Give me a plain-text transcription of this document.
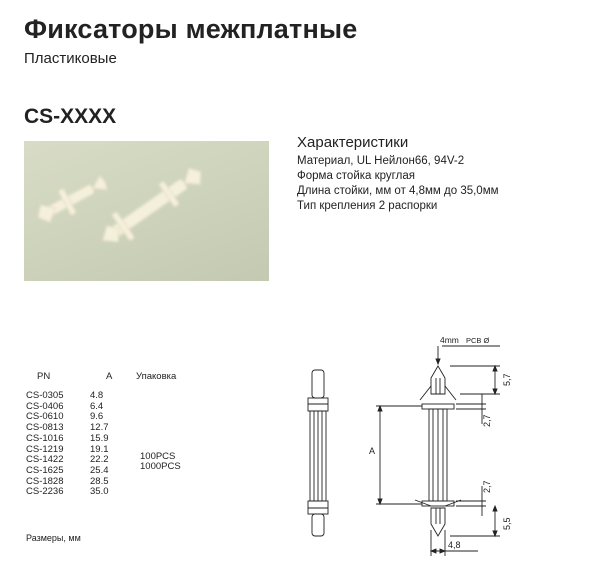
Фиксаторы межплатные
Пластиковые
CS-XXXX
Характеристики
Материал, UL Нейлон66, 94V-2
Форма стойка круглая
Длина стойки, мм от 4,8мм до 35,0мм
Тип крепления 2 распорки
PN	A Упаковка
CS-0305
CS-0406
CS-0610
CS-0813
CS-1016
CS-1219
CS-1422
CS-1625
CS-1828
CS-2236
4.8
6.4
9.6
12.7
15.9
19.1
22.2
25.4
28.5
35.0
100PCS
1000PCS
Размеры, мм
4mm PCB Ø
5,7
2,7
2,7
5,5
A
4,8
